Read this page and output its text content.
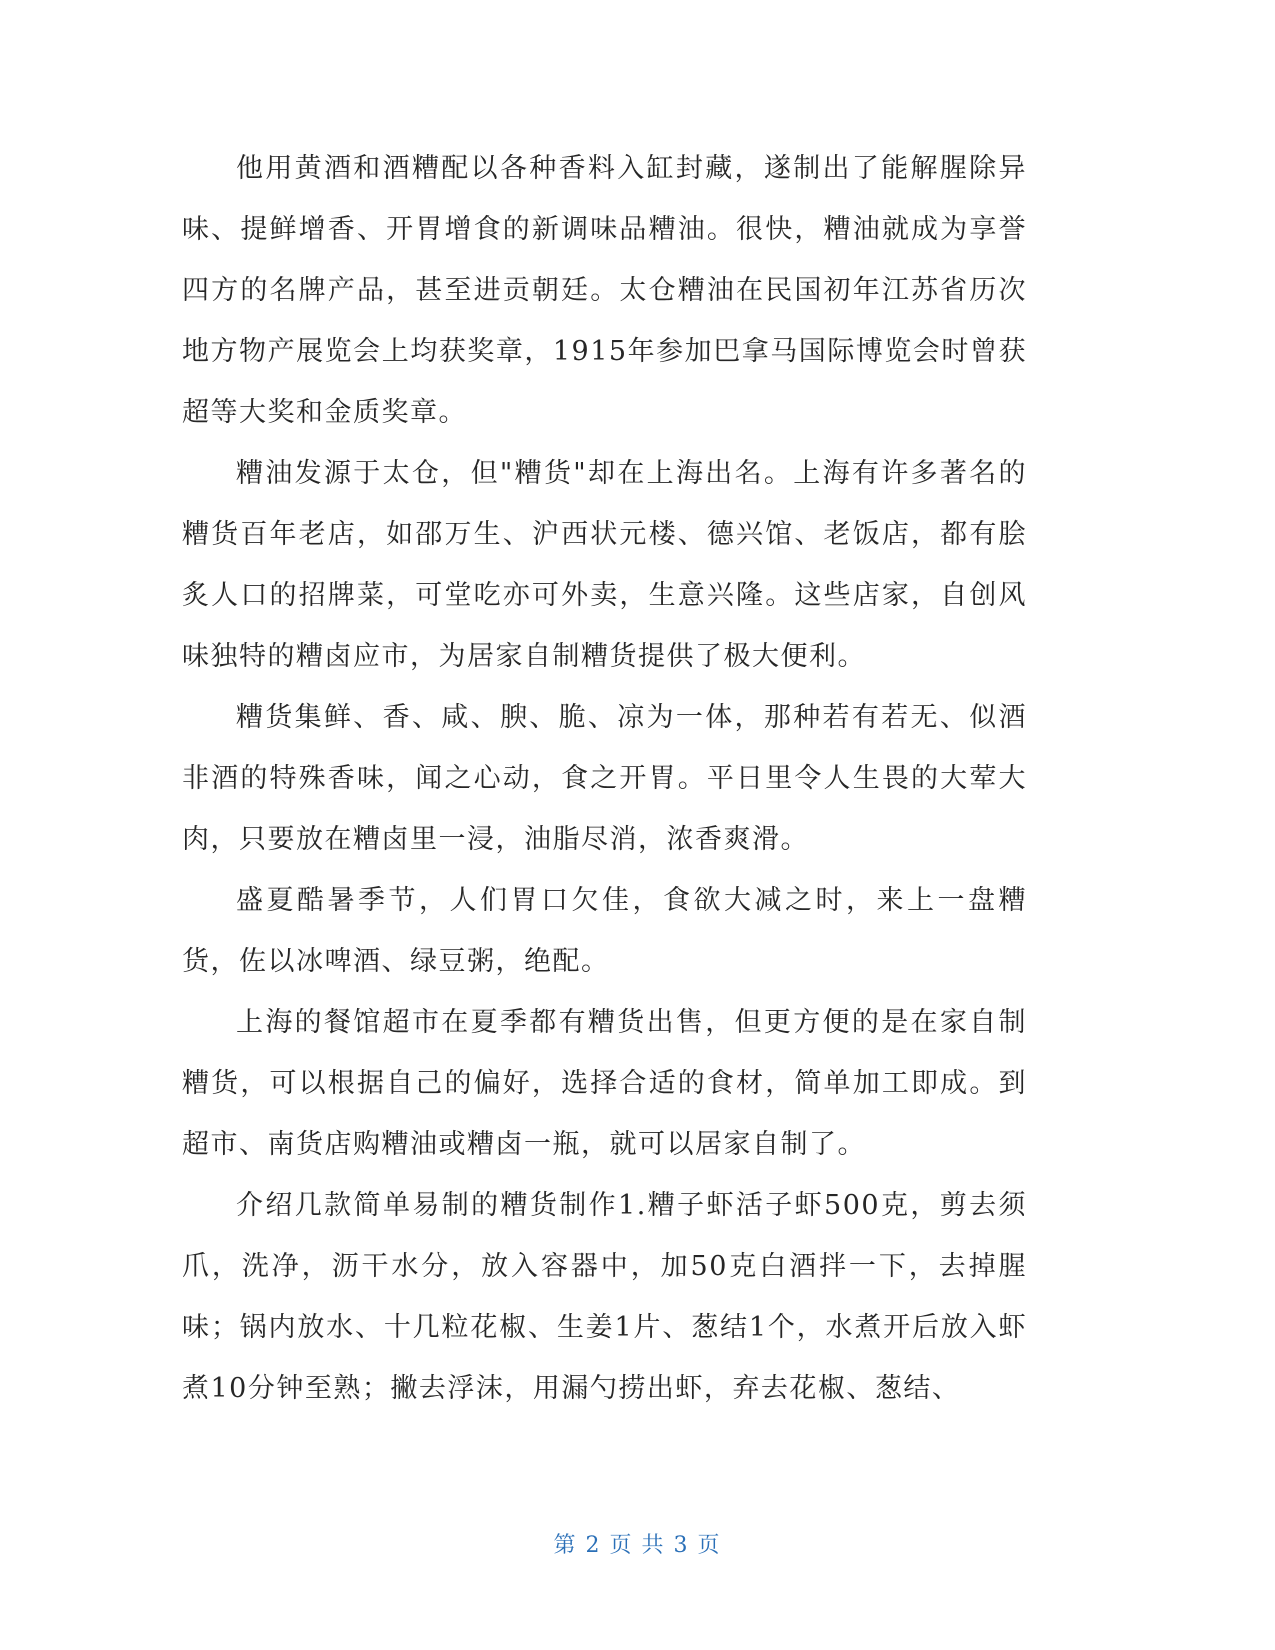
他用黄酒和酒糟配以各种香料入缸封藏，遂制出了能解腥除异味、提鲜增香、开胃增食的新调味品糟油。很快，糟油就成为享誉四方的名牌产品，甚至进贡朝廷。太仓糟油在民国初年江苏省历次地方物产展览会上均获奖章，1915年参加巴拿马国际博览会时曾获超等大奖和金质奖章。

糟油发源于太仓，但"糟货"却在上海出名。上海有许多著名的糟货百年老店，如邵万生、沪西状元楼、德兴馆、老饭店，都有脍炙人口的招牌菜，可堂吃亦可外卖，生意兴隆。这些店家，自创风味独特的糟卤应市，为居家自制糟货提供了极大便利。

糟货集鲜、香、咸、腴、脆、凉为一体，那种若有若无、似酒非酒的特殊香味，闻之心动，食之开胃。平日里令人生畏的大荤大肉，只要放在糟卤里一浸，油脂尽消，浓香爽滑。

盛夏酷暑季节，人们胃口欠佳，食欲大减之时，来上一盘糟货，佐以冰啤酒、绿豆粥，绝配。

上海的餐馆超市在夏季都有糟货出售，但更方便的是在家自制糟货，可以根据自己的偏好，选择合适的食材，简单加工即成。到超市、南货店购糟油或糟卤一瓶，就可以居家自制了。

介绍几款简单易制的糟货制作1.糟子虾活子虾500克，剪去须爪，洗净，沥干水分，放入容器中，加50克白酒拌一下，去掉腥味；锅内放水、十几粒花椒、生姜1片、葱结1个，水煮开后放入虾煮10分钟至熟；撇去浮沫，用漏勺捞出虾，弃去花椒、葱结、

第 2 页 共 3 页
